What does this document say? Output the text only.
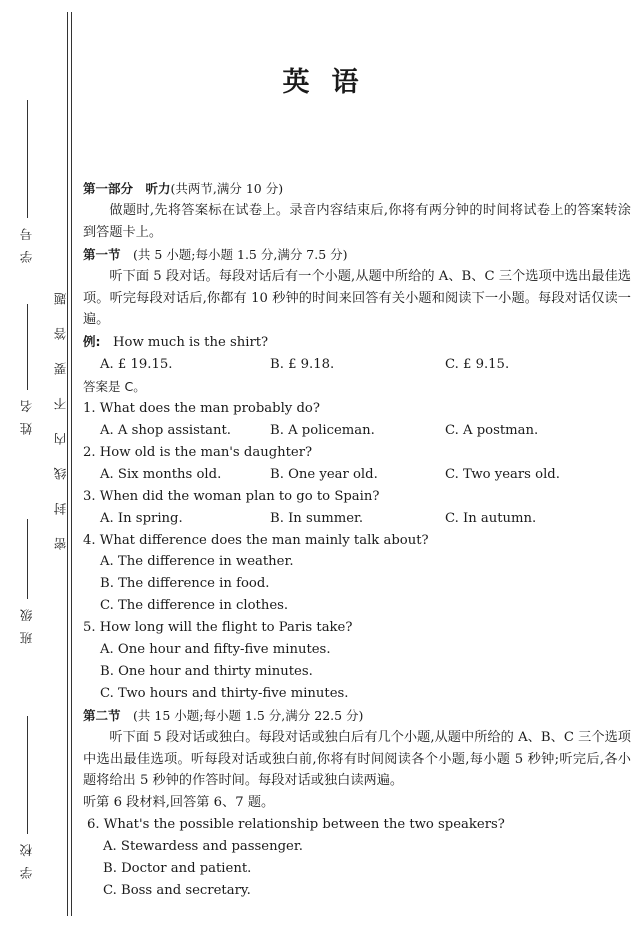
学号
姓名
班级
学校
密封线内不要答题
英语
第一部分　听力(共两节,满分 10 分)
做题时,先将答案标在试卷上。录音内容结束后,你将有两分钟的时间将试卷上的答案转涂到答题卡上。
第一节　 (共 5 小题;每小题 1.5 分,满分 7.5 分)
听下面 5 段对话。每段对话后有一个小题,从题中所给的 A、B、C 三个选项中选出最佳选项。听完每段对话后,你都有 10 秒钟的时间来回答有关小题和阅读下一小题。每段对话仅读一遍。
例:　 How much is the shirt?
A. £ 19.15.	B. £ 9.18.	C. £ 9.15.
答案是 C。
1. What does the man probably do?
A. A shop assistant.	B. A policeman.	C. A postman.
2. How old is the man's daughter?
A. Six months old.	B. One year old.	C. Two years old.
3. When did the woman plan to go to Spain?
A. In spring.	B. In summer.	C. In autumn.
4. What difference does the man mainly talk about?
A. The difference in weather.
B. The difference in food.
C. The difference in clothes.
5. How long will the flight to Paris take?
A. One hour and fifty-five minutes.
B. One hour and thirty minutes.
C. Two hours and thirty-five minutes.
第二节　 (共 15 小题;每小题 1.5 分,满分 22.5 分)
听下面 5 段对话或独白。每段对话或独白后有几个小题,从题中所给的 A、B、C 三个选项中选出最佳选项。听每段对话或独白前,你将有时间阅读各个小题,每小题 5 秒钟;听完后,各小题将给出 5 秒钟的作答时间。每段对话或独白读两遍。
听第 6 段材料,回答第 6、7 题。
6. What's the possible relationship between the two speakers?
A. Stewardess and passenger.
B. Doctor and patient.
C. Boss and secretary.
